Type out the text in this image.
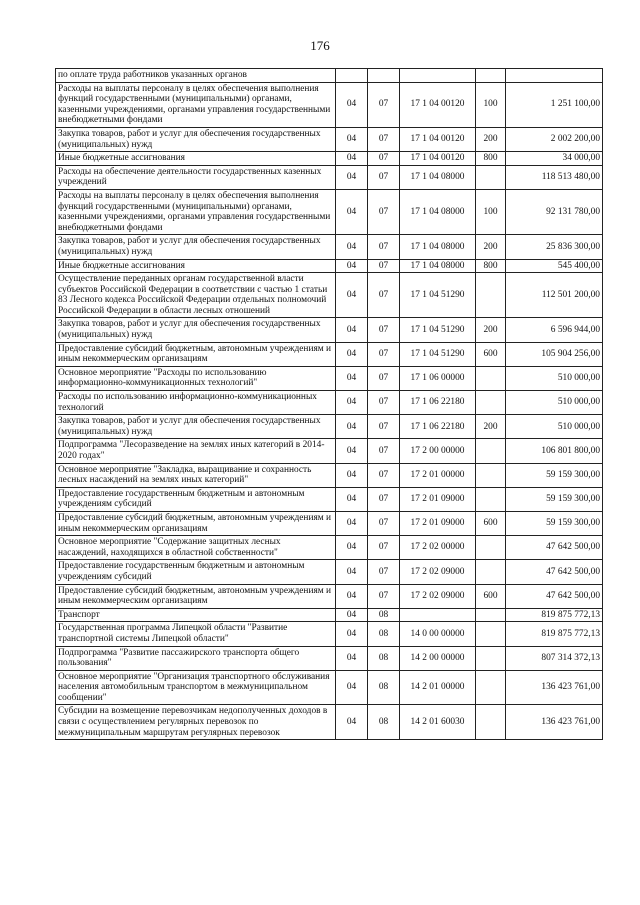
176
по оплате труда работников указанных органов					
Расходы на выплаты персоналу в целях обеспечения выполнения функций государственными (муниципальными) органами, казенными учреждениями, органами управления государственными внебюджетными фондами	04	07	17 1 04 00120	100	1 251 100,00
Закупка товаров, работ и услуг для обеспечения государственных (муниципальных) нужд	04	07	17 1 04 00120	200	2 002 200,00
Иные бюджетные ассигнования	04	07	17 1 04 00120	800	34 000,00
Расходы на обеспечение деятельности государственных казенных учреждений	04	07	17 1 04 08000		118 513 480,00
Расходы на выплаты персоналу в целях обеспечения выполнения функций государственными (муниципальными) органами, казенными учреждениями, органами управления государственными внебюджетными фондами	04	07	17 1 04 08000	100	92 131 780,00
Закупка товаров, работ и услуг для обеспечения государственных (муниципальных) нужд	04	07	17 1 04 08000	200	25 836 300,00
Иные бюджетные ассигнования	04	07	17 1 04 08000	800	545 400,00
Осуществление переданных органам государственной власти субъектов Российской Федерации в соответствии с частью 1 статьи 83 Лесного кодекса Российской Федерации отдельных полномочий Российской Федерации в области лесных отношений	04	07	17 1 04 51290		112 501 200,00
Закупка товаров, работ и услуг для обеспечения государственных (муниципальных) нужд	04	07	17 1 04 51290	200	6 596 944,00
Предоставление субсидий бюджетным, автономным учреждениям и иным некоммерческим организациям	04	07	17 1 04 51290	600	105 904 256,00
Основное мероприятие "Расходы по использованию информационно-коммуникационных технологий"	04	07	17 1 06 00000		510 000,00
Расходы по использованию информационно-коммуникационных технологий	04	07	17 1 06 22180		510 000,00
Закупка товаров, работ и услуг для обеспечения государственных (муниципальных) нужд	04	07	17 1 06 22180	200	510 000,00
Подпрограмма "Лесоразведение на землях иных категорий в 2014-2020 годах"	04	07	17 2 00 00000		106 801 800,00
Основное мероприятие "Закладка, выращивание и сохранность лесных насаждений на землях иных категорий"	04	07	17 2 01 00000		59 159 300,00
Предоставление государственным бюджетным и автономным учреждениям субсидий	04	07	17 2 01 09000		59 159 300,00
Предоставление субсидий бюджетным, автономным учреждениям и иным некоммерческим организациям	04	07	17 2 01 09000	600	59 159 300,00
Основное мероприятие "Содержание защитных лесных насаждений, находящихся в областной собственности"	04	07	17 2 02 00000		47 642 500,00
Предоставление государственным бюджетным и автономным учреждениям субсидий	04	07	17 2 02 09000		47 642 500,00
Предоставление субсидий бюджетным, автономным учреждениям и иным некоммерческим организациям	04	07	17 2 02 09000	600	47 642 500,00
Транспорт	04	08			819 875 772,13
Государственная программа Липецкой области "Развитие транспортной системы Липецкой области"	04	08	14 0 00 00000		819 875 772,13
Подпрограмма "Развитие пассажирского транспорта общего пользования"	04	08	14 2 00 00000		807 314 372,13
Основное мероприятие "Организация транспортного обслуживания населения автомобильным транспортом в межмуниципальном сообщении"	04	08	14 2 01 00000		136 423 761,00
Субсидии на возмещение перевозчикам недополученных доходов в связи с осуществлением регулярных перевозок по межмуниципальным маршрутам регулярных перевозок	04	08	14 2 01 60030		136 423 761,00
